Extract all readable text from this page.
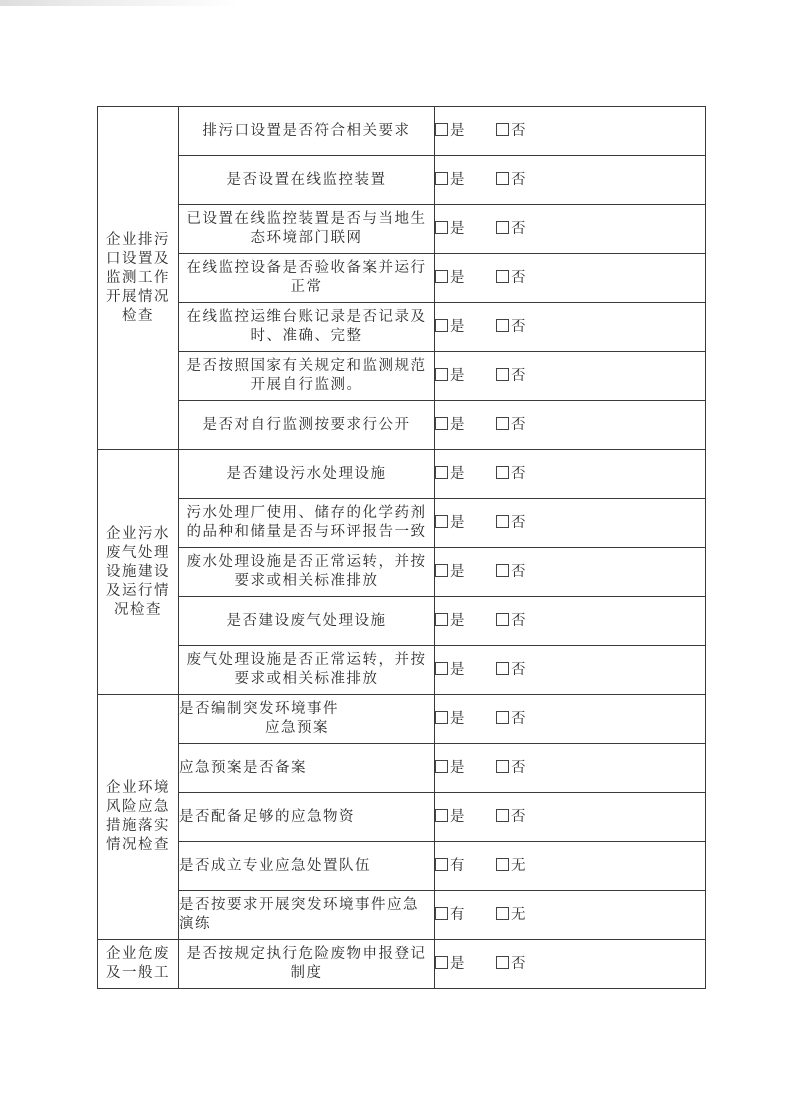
企业排污
口设置及
监测工作
开展情况
检查	排污口设置是否符合相关要求	是 否

	是否设置在线监控装置	是 否

	已设置在线监控装置是否与当地生
态环境部门联网	是 否

	在线监控设备是否验收备案并运行
正常	是 否

	在线监控运维台账记录是否记录及
时、准确、完整	是 否

	是否按照国家有关规定和监测规范
开展自行监测。	是 否

	是否对自行监测按要求行公开	是 否

企业污水
废气处理
设施建设
及运行情
况检查	是否建设污水处理设施	是 否

	污水处理厂使用、储存的化学药剂
的品种和储量是否与环评报告一致	是 否

	废水处理设施是否正常运转，并按
要求或相关标准排放	是 否

	是否建设废气处理设施	是 否

	废气处理设施是否正常运转，并按
要求或相关标准排放	是 否

企业环境
风险应急
措施落实
情况检查	是否编制突发环境事件
应急预案	是 否

	应急预案是否备案	是 否

	是否配备足够的应急物资	是 否

	是否成立专业应急处置队伍	有 无

	是否按要求开展突发环境事件应急
演练	有 无

企业危废
及一般工	是否按规定执行危险废物申报登记
制度	是 否
